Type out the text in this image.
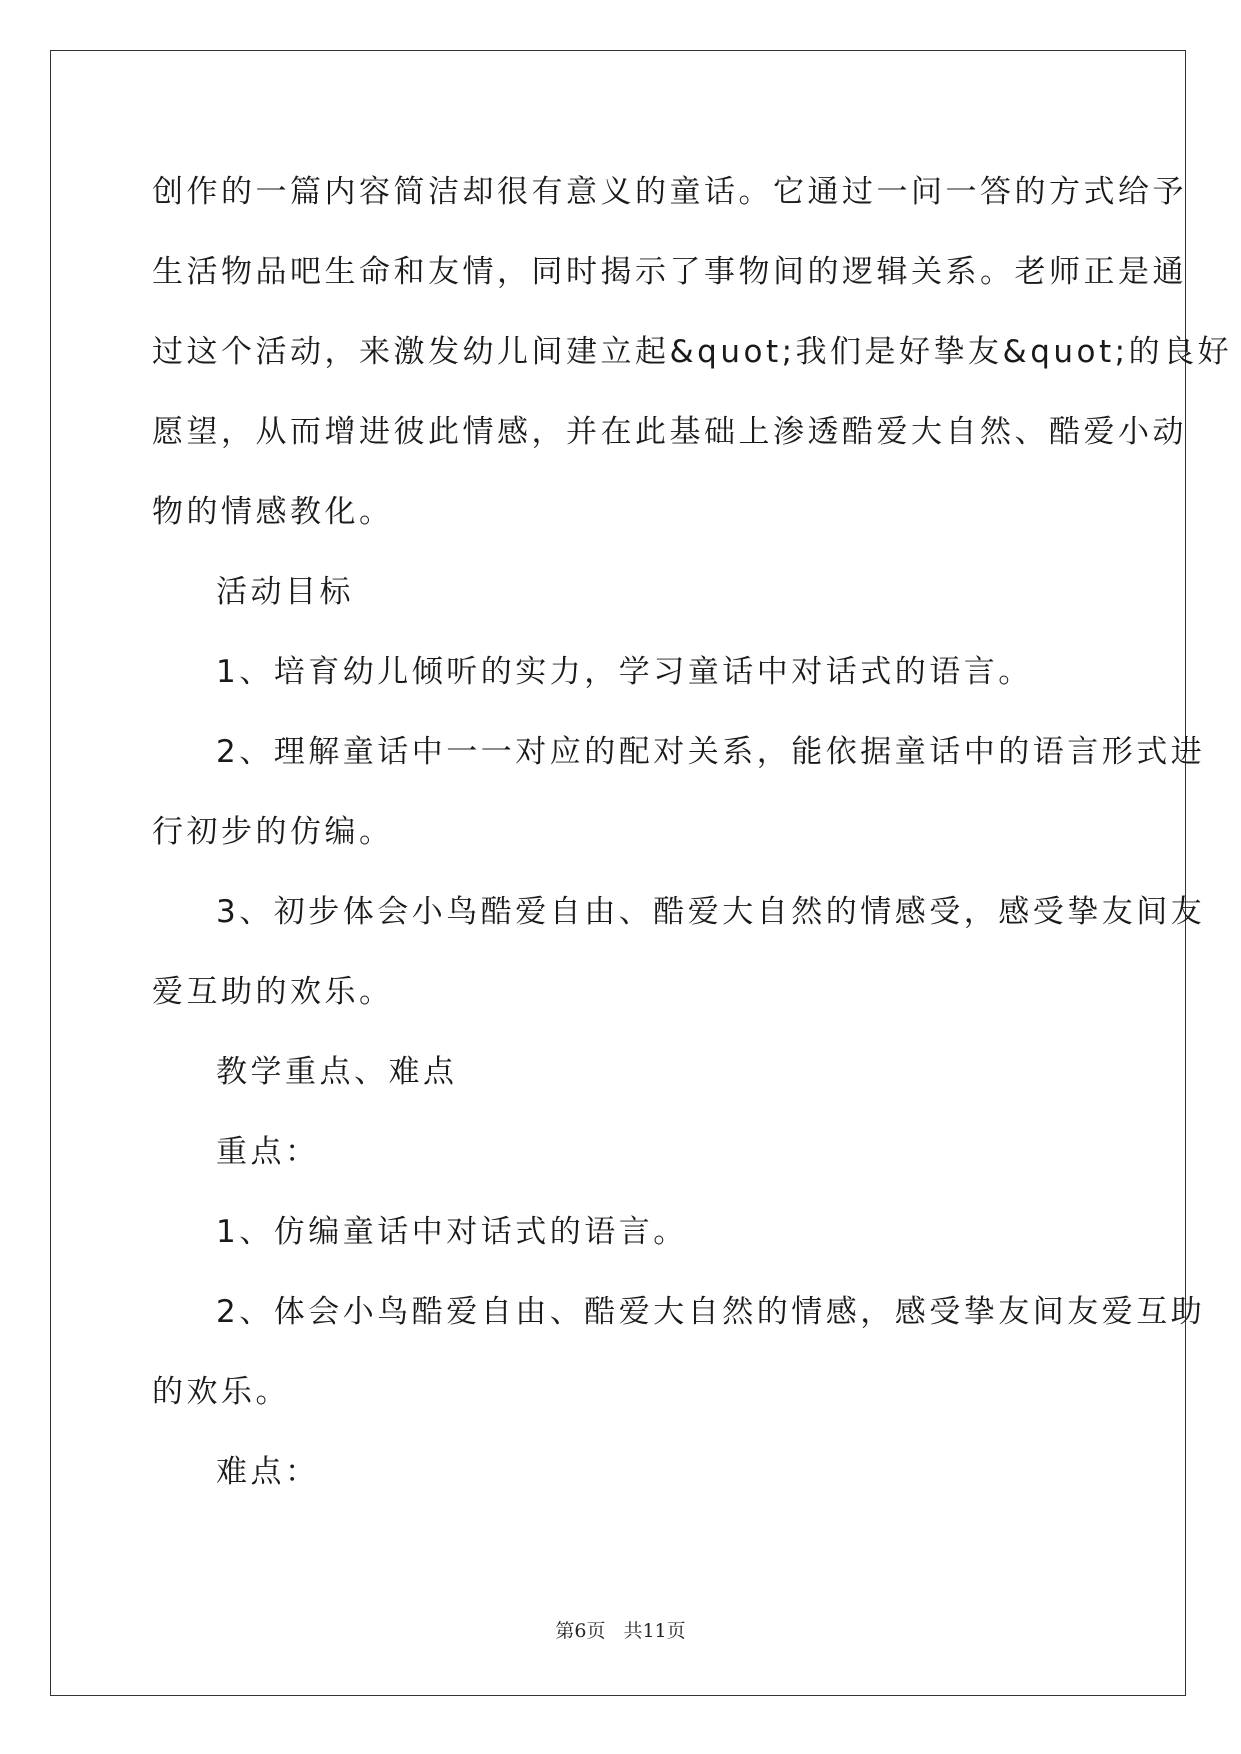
创作的一篇内容简洁却很有意义的童话。它通过一问一答的方式给予
生活物品吧生命和友情，同时揭示了事物间的逻辑关系。老师正是通
过这个活动，来激发幼儿间建立起&quot;我们是好挚友&quot;的良好
愿望，从而增进彼此情感，并在此基础上渗透酷爱大自然、酷爱小动
物的情感教化。
活动目标
1、培育幼儿倾听的实力，学习童话中对话式的语言。
2、理解童话中一一对应的配对关系，能依据童话中的语言形式进
行初步的仿编。
3、初步体会小鸟酷爱自由、酷爱大自然的情感受，感受挚友间友
爱互助的欢乐。
教学重点、难点
重点：
1、仿编童话中对话式的语言。
2、体会小鸟酷爱自由、酷爱大自然的情感，感受挚友间友爱互助
的欢乐。
难点：
第6页 共11页
